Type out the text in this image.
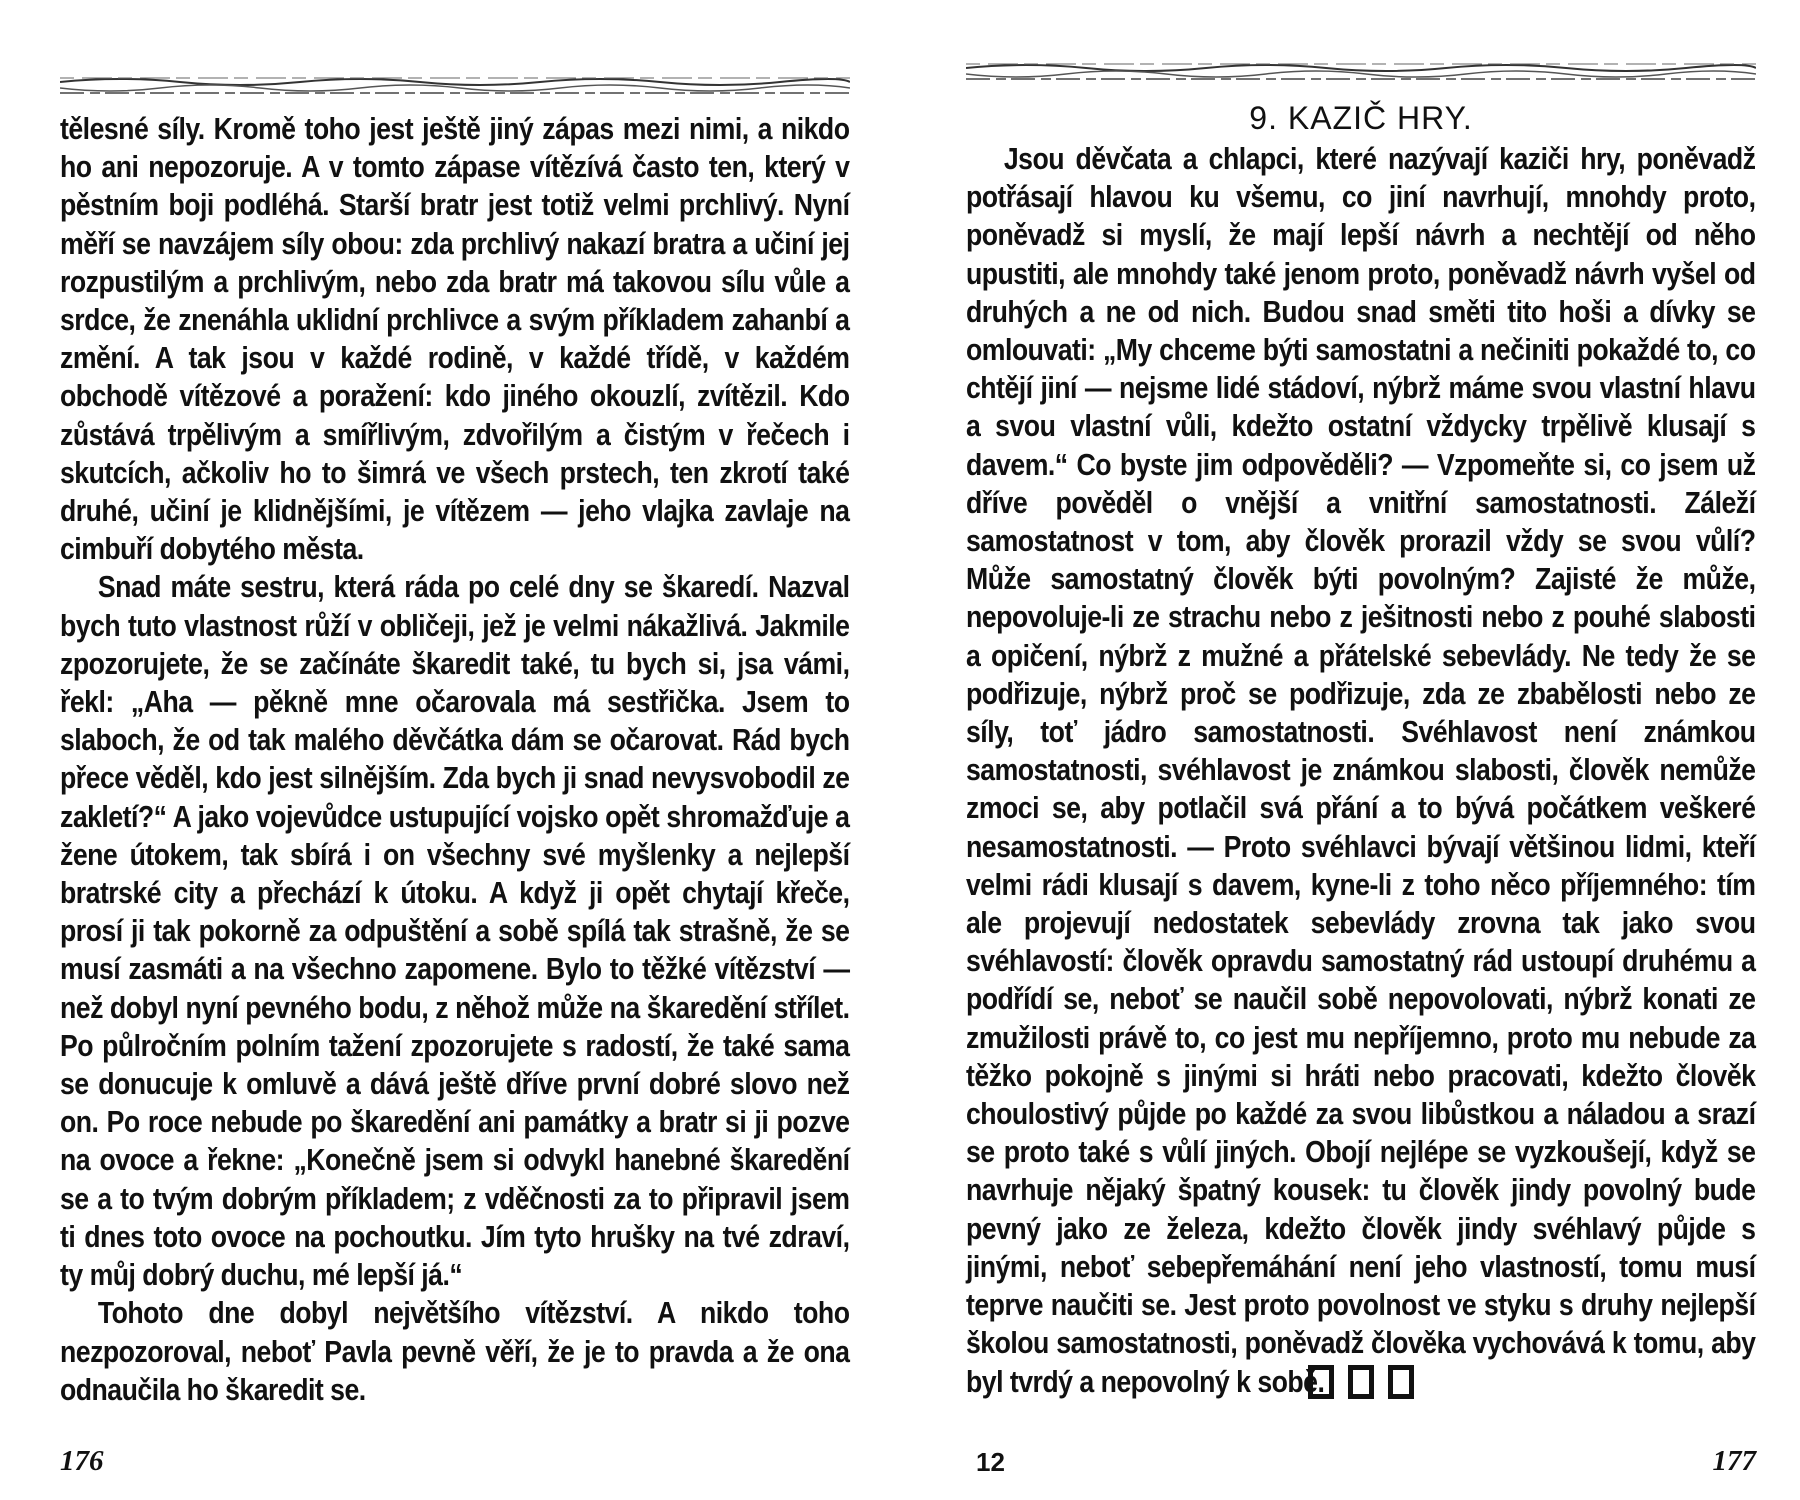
tělesné síly. Kromě toho jest ještě jiný zápas mezi nimi, a nikdo ho ani nepozoruje. A v tomto zápase vítězívá často ten, který v pěstním boji podléhá. Starší bratr jest totiž velmi prchlivý. Nyní měří se navzájem síly obou: zda prchlivý nakazí bratra a učiní jej rozpustilým a prchlivým, nebo zda bratr má takovou sílu vůle a srdce, že znenáhla uklidní prchlivce a svým příkladem zahanbí a změní. A tak jsou v každé rodině, v každé třídě, v každém obchodě vítězové a poražení: kdo jiného okouzlí, zvítězil. Kdo zůstává trpělivým a smířlivým, zdvořilým a čistým v řečech i skutcích, ačkoliv ho to šimrá ve všech prstech, ten zkrotí také druhé, učiní je klidnějšími, je vítězem — jeho vlajka zavlaje na cimbuří dobytého města.

Snad máte sestru, která ráda po celé dny se škaredí. Nazval bych tuto vlastnost růží v obličeji, jež je velmi nákažlivá. Jakmile zpozorujete, že se začínáte škaredit také, tu bych si, jsa vámi, řekl: „Aha — pěkně mne očarovala má sestřička. Jsem to slaboch, že od tak malého děvčátka dám se očarovat. Rád bych přece věděl, kdo jest silnějším. Zda bych ji snad nevysvobodil ze zakletí?“ A jako vojevůdce ustupující vojsko opět shromažďuje a žene útokem, tak sbírá i on všechny své myšlenky a nejlepší bratrské city a přechází k útoku. A když ji opět chytají křeče, prosí ji tak pokorně za odpuštění a sobě spílá tak strašně, že se musí zasmáti a na všechno zapomene. Bylo to těžké vítězství — než dobyl nyní pevného bodu, z něhož může na škaredění střílet. Po půlročním polním tažení zpozorujete s radostí, že také sama se donucuje k omluvě a dává ještě dříve první dobré slovo než on. Po roce nebude po škaredění ani památky a bratr si ji pozve na ovoce a řekne: „Konečně jsem si odvykl hanebné škaredění se a to tvým dobrým příkladem; z vděčnosti za to připravil jsem ti dnes toto ovoce na pochoutku. Jím tyto hrušky na tvé zdraví, ty můj dobrý duchu, mé lepší já.“

Tohoto dne dobyl největšího vítězství. A nikdo toho nezpozoroval, neboť Pavla pevně věří, že je to pravda a že ona odnaučila ho škaredit se.

176
9. KAZIČ HRY.

Jsou děvčata a chlapci, které nazývají kaziči hry, poněvadž potřásají hlavou ku všemu, co jiní navrhují, mnohdy proto, poněvadž si myslí, že mají lepší návrh a nechtějí od něho upustiti, ale mnohdy také jenom proto, poněvadž návrh vyšel od druhých a ne od nich. Budou snad směti tito hoši a dívky se omlouvati: „My chceme býti samostatni a nečiniti pokaždé to, co chtějí jiní — nejsme lidé stádoví, nýbrž máme svou vlastní hlavu a svou vlastní vůli, kdežto ostatní vždycky trpělivě klusají s davem.“ Co byste jim odpověděli? — Vzpomeňte si, co jsem už dříve pověděl o vnější a vnitřní samostatnosti. Záleží samostatnost v tom, aby člověk prorazil vždy se svou vůlí? Může samostatný člověk býti povolným? Zajisté že může, nepovoluje-li ze strachu nebo z ješitnosti nebo z pouhé slabosti a opičení, nýbrž z mužné a přátelské sebevlády. Ne tedy že se podřizuje, nýbrž proč se podřizuje, zda ze zbabělosti nebo ze síly, toť jádro samostatnosti. Svéhlavost není známkou samostatnosti, svéhlavost je známkou slabosti, člověk nemůže zmoci se, aby potlačil svá přání a to bývá počátkem veškeré nesamostatnosti. — Proto svéhlavci bývají většinou lidmi, kteří velmi rádi klusají s davem, kyne-li z toho něco příjemného: tím ale projevují nedostatek sebevlády zrovna tak jako svou svéhlavostí: člověk opravdu samostatný rád ustoupí druhému a podřídí se, neboť se naučil sobě nepovolovati, nýbrž konati ze zmužilosti právě to, co jest mu nepříjemno, proto mu nebude za těžko pokojně s jinými si hráti nebo pracovati, kdežto člověk choulostivý půjde po každé za svou libůstkou a náladou a srazí se proto také s vůlí jiných. Obojí nejlépe se vyzkoušejí, když se navrhuje nějaký špatný kousek: tu člověk jindy povolný bude pevný jako ze železa, kdežto člověk jindy svéhlavý půjde s jinými, neboť sebepřemáhání není jeho vlastností, tomu musí teprve naučiti se. Jest proto povolnost ve styku s druhy nejlepší školou samostatnosti, poněvadž člověka vychovává k tomu, aby byl tvrdý a nepovolný k sobě.

177
12
